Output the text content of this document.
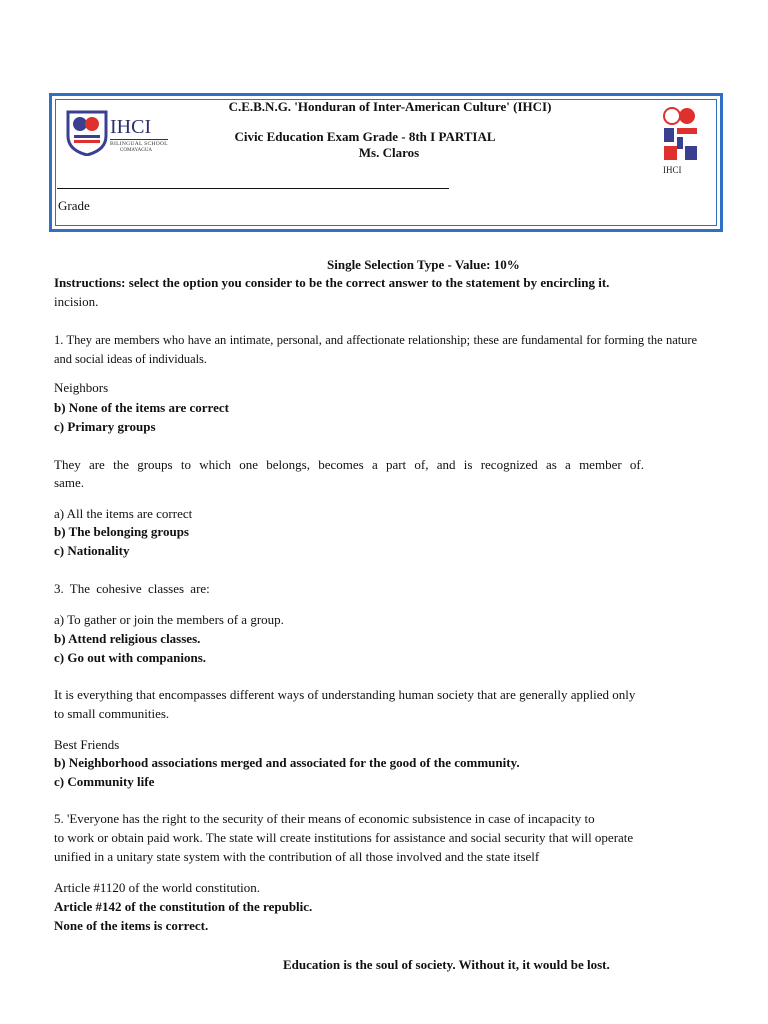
C.E.B.N.G. 'Honduran of Inter-American Culture' (IHCI)
Civic Education Exam Grade - 8th I PARTIAL
Ms. Claros
IHCI
BILINGUAL SCHOOL
COMAYAGUA
IHCI
Grade
Single Selection Type - Value: 10%
Instructions: select the option you consider to be the correct answer to the statement by encircling it.
incision.
1. They are members who have an intimate, personal, and affectionate relationship; these are fundamental for forming the nature and social ideas of individuals.
Neighbors
b) None of the items are correct
c) Primary groups
They are the groups to which one belongs, becomes a part of, and is recognized as a member of.
same.
a) All the items are correct
b) The belonging groups
c) Nationality
3. The cohesive classes are:
a) To gather or join the members of a group.
b) Attend religious classes.
c) Go out with companions.
It is everything that encompasses different ways of understanding human society that are generally applied only
to small communities.
Best Friends
b) Neighborhood associations merged and associated for the good of the community.
c) Community life
5. 'Everyone has the right to the security of their means of economic subsistence in case of incapacity to
to work or obtain paid work. The state will create institutions for assistance and social security that will operate
unified in a unitary state system with the contribution of all those involved and the state itself
Article #1120 of the world constitution.
Article #142 of the constitution of the republic.
None of the items is correct.
Education is the soul of society. Without it, it would be lost.
